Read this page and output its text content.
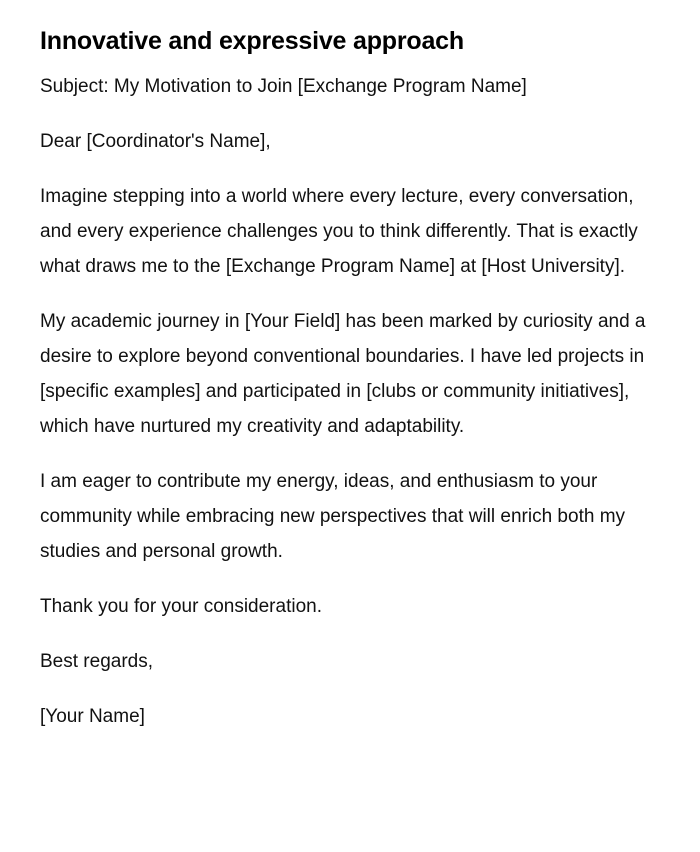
Innovative and expressive approach

Subject: My Motivation to Join [Exchange Program Name]

Dear [Coordinator's Name],

Imagine stepping into a world where every lecture, every conversation, and every experience challenges you to think differently. That is exactly what draws me to the [Exchange Program Name] at [Host University].

My academic journey in [Your Field] has been marked by curiosity and a desire to explore beyond conventional boundaries. I have led projects in [specific examples] and participated in [clubs or community initiatives], which have nurtured my creativity and adaptability.

I am eager to contribute my energy, ideas, and enthusiasm to your community while embracing new perspectives that will enrich both my studies and personal growth.

Thank you for your consideration.

Best regards,

[Your Name]
